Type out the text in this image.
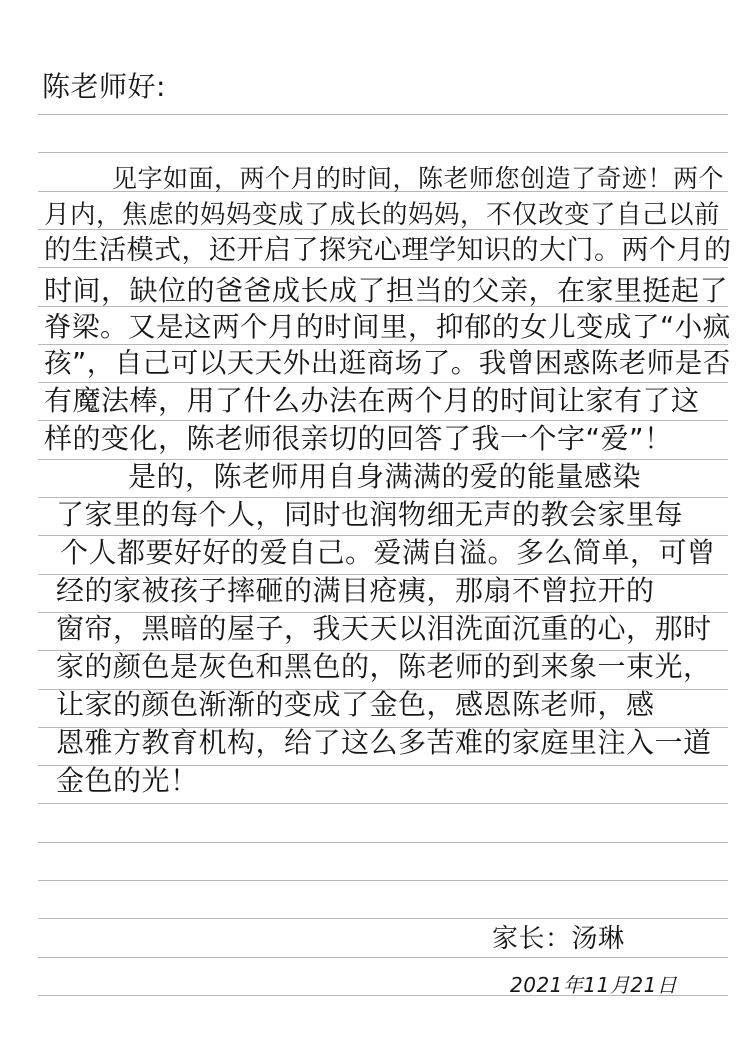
陈老师好:
见字如面，两个月的时间，陈老师您创造了奇迹！两个
月内，焦虑的妈妈变成了成长的妈妈，不仅改变了自己以前
的生活模式，还开启了探究心理学知识的大门。两个月的
时间，缺位的爸爸成长成了担当的父亲，在家里挺起了
脊梁。又是这两个月的时间里，抑郁的女儿变成了“小疯
孩”，自己可以天天外出逛商场了。我曾困惑陈老师是否
有魔法棒，用了什么办法在两个月的时间让家有了这
样的变化，陈老师很亲切的回答了我一个字“爱”！
是的，陈老师用自身满满的爱的能量感染
了家里的每个人，同时也润物细无声的教会家里每
个人都要好好的爱自己。爱满自溢。多么简单，可曾
经的家被孩子摔砸的满目疮痍，那扇不曾拉开的
窗帘，黑暗的屋子，我天天以泪洗面沉重的心，那时
家的颜色是灰色和黑色的，陈老师的到来象一束光，
让家的颜色渐渐的变成了金色，感恩陈老师，感
恩雅方教育机构，给了这么多苦难的家庭里注入一道
金色的光！
家长：汤琳
2021年11月21日
